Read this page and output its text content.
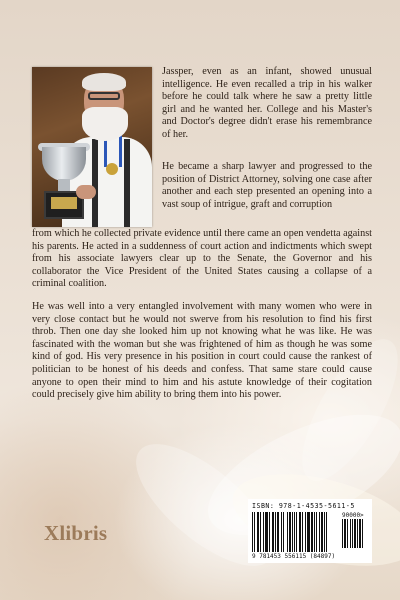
Jassper, even as an infant, showed unusual intelligence. He even recalled a trip in his walker before he could talk where he saw a pretty little girl and he wanted her. College and his Master's and Doctor's degree didn't erase his remembrance of her.

He became a sharp lawyer and progressed to the position of District Attorney, solving one case after another and each step presented an opening into a vast soup of intrigue, graft and corruption

from which he collected private evidence until there came an open vendetta against his parents. He acted in a suddenness of court action and indictments which swept from his associate lawyers clear up to the Senate, the Governor and his collaborator the Vice President of the United States causing a collapse of a criminal coalition.

He was well into a very entangled involvement with many women who were in very close contact but he would not swerve from his resolution to find his first throb. Then one day she looked him up not knowing what he was like. He was fascinated with the woman but she was frightened of him as though he was some kind of god. His very presence in his position in court could cause the rankest of politician to be honest of his deeds and confess. That same stare could cause anyone to open their mind to him and his astute knowledge of their cogitation could precisely give him ability to bring them into his power.

ISBN: 978-1-4535-5611-5
90000>
9 781453 556115 (84897)
Xlibris
